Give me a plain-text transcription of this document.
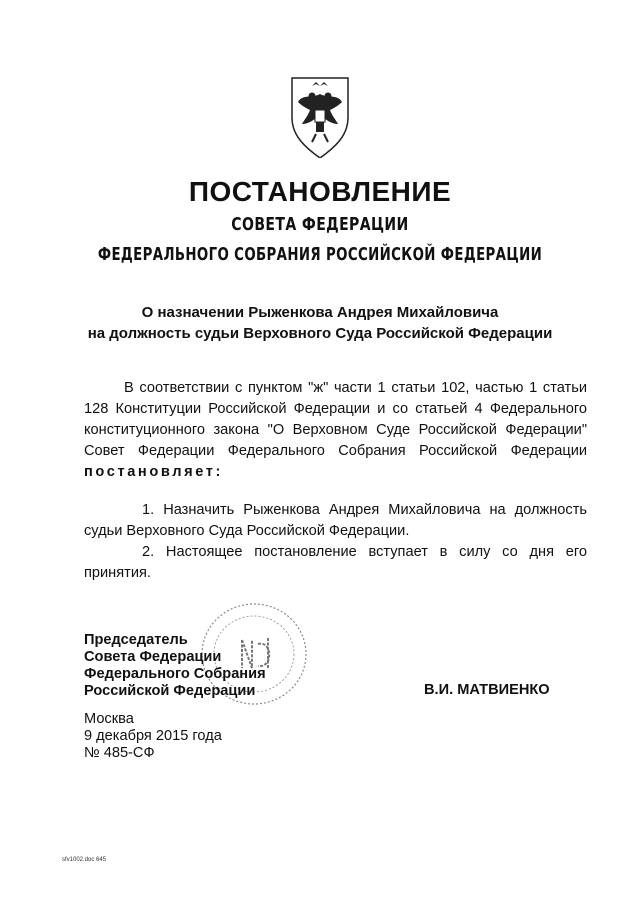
ПОСТАНОВЛЕНИЕ
СОВЕТА ФЕДЕРАЦИИ
ФЕДЕРАЛЬНОГО СОБРАНИЯ РОССИЙСКОЙ ФЕДЕРАЦИИ
О назначении Рыженкова Андрея Михайловича
на должность судьи Верховного Суда Российской Федерации
В соответствии с пунктом "ж" части 1 статьи 102, частью 1 статьи 128 Конституции Российской Федерации и со статьей 4 Федерального конституционного закона "О Верховном Суде Российской Федерации" Совет Федерации Федерального Собрания Российской Федерации постановляет:
1. Назначить Рыженкова Андрея Михайловича на должность судьи Верховного Суда Российской Федерации.
2. Настоящее постановление вступает в силу со дня его принятия.
Председатель
Совета Федерации
Федерального Собрания
Российской Федерации	В.И. МАТВИЕНКО
Москва
9 декабря 2015 года
№ 485-СФ
sfv1002.doc 645
